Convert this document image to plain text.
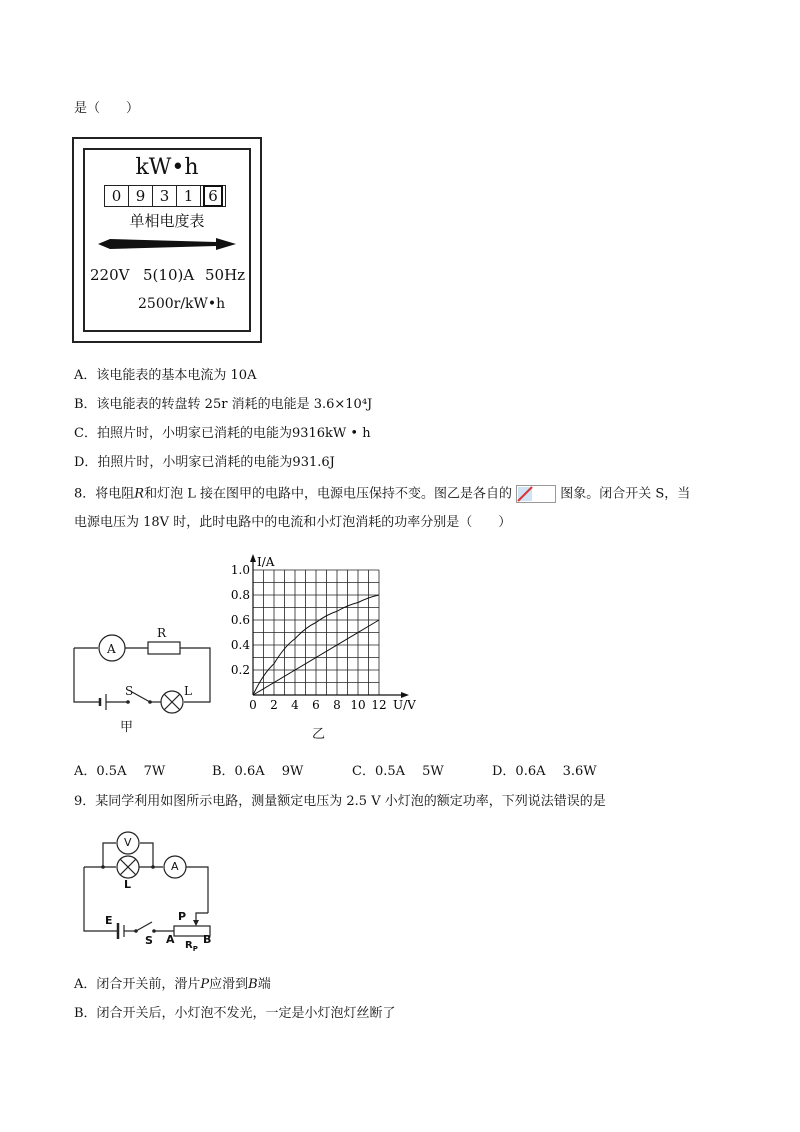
是（　　）
kW•h
0 9 3 1 6
单相电度表
220V 5(10)A 50Hz
2500r/kW•h
A．该电能表的基本电流为 10A
B．该电能表的转盘转 25r 消耗的电能是 3.6×10⁴J
C．拍照片时，小明家已消耗的电能为9316kW • h
D．拍照片时，小明家已消耗的电能为931.6J
8．将电阻R和灯泡 L 接在图甲的电路中，电源电压保持不变。图乙是各自的	图象。闭合开关 S，当
电源电压为 18V 时，此时电路中的电流和小灯泡消耗的功率分别是（　　）
A
R
S	L
甲
0 2 4 6 8 10 12
0.2
0.4
0.6
0.8
1.0
U/V
I/A
乙
A．0.5A　 7W	B．0.6A　 9W	C．0.5A　 5W	D．0.6A　 3.6W
9．某同学利用如图所示电路，测量额定电压为 2.5 V 小灯泡的额定功率，下列说法错误的是
V
A
L
E
S A
P
B
$R_P$
A．闭合开关前，滑片P应滑到B端
B．闭合开关后，小灯泡不发光，一定是小灯泡灯丝断了
